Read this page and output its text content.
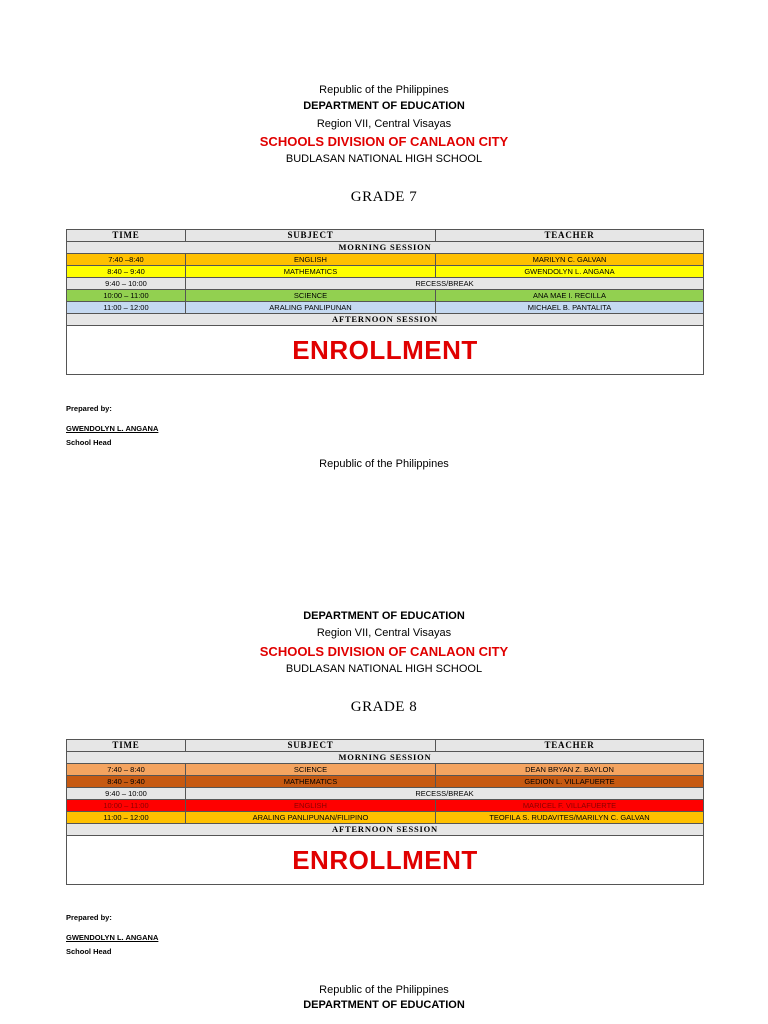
Republic of the Philippines
DEPARTMENT OF EDUCATION
Region VII, Central Visayas
SCHOOLS DIVISION OF CANLAON CITY
BUDLASAN NATIONAL HIGH SCHOOL
GRADE 7
TIME	SUBJECT	TEACHER
MORNING SESSION		
7:40 –8:40	ENGLISH	MARILYN C. GALVAN
8:40 – 9:40	MATHEMATICS	GWENDOLYN L. ANGANA
9:40 – 10:00	RECESS/BREAK	
10:00 – 11:00	SCIENCE	ANA MAE I. RECILLA
11:00 – 12:00	ARALING PANLIPUNAN	MICHAEL B. PANTALITA
AFTERNOON SESSION		
ENROLLMENT		
Prepared by:
GWENDOLYN L. ANGANA
School Head
Republic of the Philippines
DEPARTMENT OF EDUCATION
Region VII, Central Visayas
SCHOOLS DIVISION OF CANLAON CITY
BUDLASAN NATIONAL HIGH SCHOOL
GRADE 8
TIME	SUBJECT	TEACHER
MORNING SESSION		
7:40 – 8:40	SCIENCE	DEAN BRYAN Z. BAYLON
8:40 – 9:40	MATHEMATICS	GEDION L. VILLAFUERTE
9:40 – 10:00	RECESS/BREAK	
10:00 – 11:00	ENGLISH	MARICEL F. VILLAFUERTE
11:00 – 12:00	ARALING PANLIPUNAN/FILIPINO	TEOFILA S. RUDAVITES/MARILYN C. GALVAN
AFTERNOON SESSION		
ENROLLMENT		
Prepared by:
GWENDOLYN L. ANGANA
School Head
Republic of the Philippines
DEPARTMENT OF EDUCATION
